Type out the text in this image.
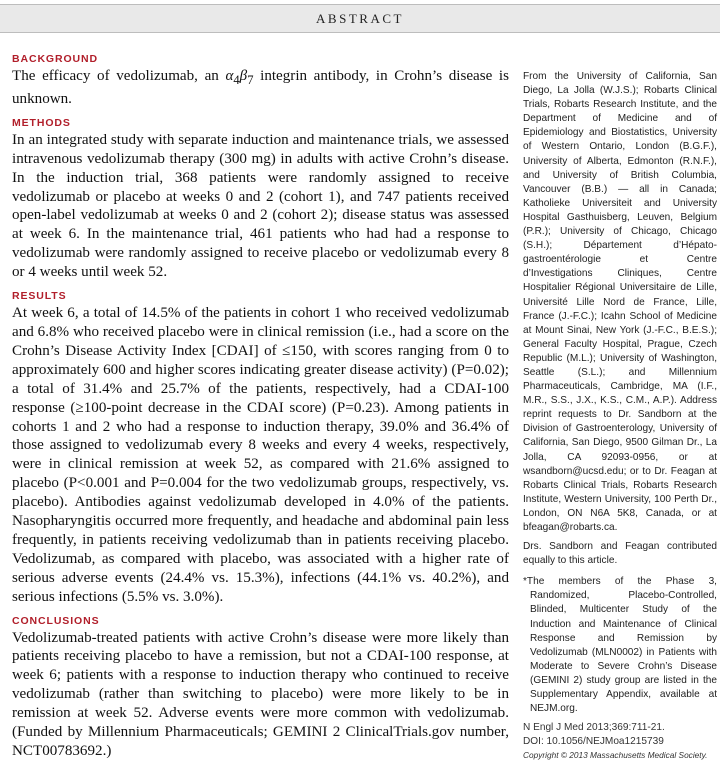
ABSTRACT
BACKGROUND

The efficacy of vedolizumab, an $\alpha_4\beta_7$ integrin antibody, in Crohn’s disease is unknown.

METHODS

In an integrated study with separate induction and maintenance trials, we assessed intravenous vedolizumab therapy (300 mg) in adults with active Crohn’s disease. In the induction trial, 368 patients were randomly assigned to receive vedolizumab or placebo at weeks 0 and 2 (cohort 1), and 747 patients received open-label vedolizumab at weeks 0 and 2 (cohort 2); disease status was assessed at week 6. In the maintenance trial, 461 patients who had had a response to vedolizumab were randomly assigned to receive placebo or vedolizumab every 8 or 4 weeks until week 52.

RESULTS

At week 6, a total of 14.5% of the patients in cohort 1 who received vedolizumab and 6.8% who received placebo were in clinical remission (i.e., had a score on the Crohn’s Disease Activity Index [CDAI] of ≤150, with scores ranging from 0 to approximately 600 and higher scores indicating greater disease activity) (P=0.02); a total of 31.4% and 25.7% of the patients, respectively, had a CDAI-100 response (≥100-point decrease in the CDAI score) (P=0.23). Among patients in cohorts 1 and 2 who had a response to induction therapy, 39.0% and 36.4% of those assigned to vedolizumab every 8 weeks and every 4 weeks, respectively, were in clinical remission at week 52, as compared with 21.6% assigned to placebo (P<0.001 and P=0.004 for the two vedolizumab groups, respectively, vs. placebo). Antibodies against vedolizumab developed in 4.0% of the patients. Nasopharyngitis occurred more frequently, and headache and abdominal pain less frequently, in patients receiving vedolizumab than in patients receiving placebo. Vedolizumab, as compared with placebo, was associated with a higher rate of serious adverse events (24.4% vs. 15.3%), infections (44.1% vs. 40.2%), and serious infections (5.5% vs. 3.0%).

CONCLUSIONS

Vedolizumab-treated patients with active Crohn’s disease were more likely than patients receiving placebo to have a remission, but not a CDAI-100 response, at week 6; patients with a response to induction therapy who continued to receive vedolizumab (rather than switching to placebo) were more likely to be in remission at week 52. Adverse events were more common with vedolizumab. (Funded by Millennium Pharmaceuticals; GEMINI 2 ClinicalTrials.gov number, NCT00783692.)

From the University of California, San Diego, La Jolla (W.J.S.); Robarts Clinical Trials, Robarts Research Institute, and the Department of Medicine and of Epidemiology and Biostatistics, University of Western Ontario, London (B.G.F.), University of Alberta, Edmonton (R.N.F.), and University of British Columbia, Vancouver (B.B.) — all in Canada; Katholieke Universiteit and University Hospital Gasthuisberg, Leuven, Belgium (P.R.); University of Chicago, Chicago (S.H.); Département d’Hépato-gastroentérologie et Centre d’Investigations Cliniques, Centre Hospitalier Régional Universitaire de Lille, Université Lille Nord de France, Lille, France (J.-F.C.); Icahn School of Medicine at Mount Sinai, New York (J.-F.C., B.E.S.); General Faculty Hospital, Prague, Czech Republic (M.L.); University of Washington, Seattle (S.L.); and Millennium Pharmaceuticals, Cambridge, MA (I.F., M.R., S.S., J.X., K.S., C.M., A.P.). Address reprint requests to Dr. Sandborn at the Division of Gastroenterology, University of California, San Diego, 9500 Gilman Dr., La Jolla, CA 92093-0956, or at wsandborn@ucsd.edu; or to Dr. Feagan at Robarts Clinical Trials, Robarts Research Institute, Western University, 100 Perth Dr., London, ON N6A 5K8, Canada, or at bfeagan@robarts.ca.

Drs. Sandborn and Feagan contributed equally to this article.

*The members of the Phase 3, Randomized, Placebo-Controlled, Blinded, Multicenter Study of the Induction and Maintenance of Clinical Response and Remission by Vedolizumab (MLN0002) in Patients with Moderate to Severe Crohn’s Disease (GEMINI 2) study group are listed in the Supplementary Appendix, available at NEJM.org.

N Engl J Med 2013;369:711-21.

DOI: 10.1056/NEJMoa1215739

Copyright © 2013 Massachusetts Medical Society.
